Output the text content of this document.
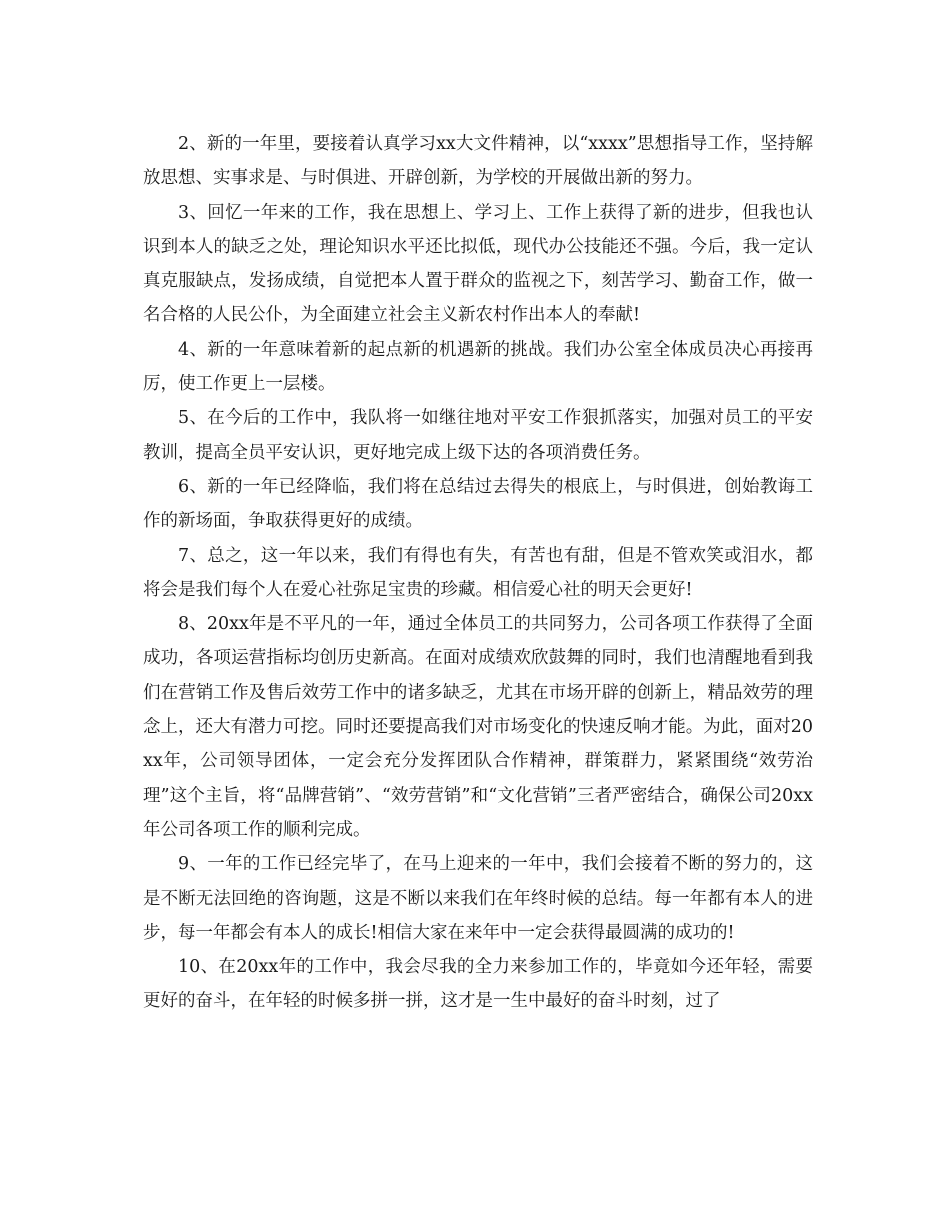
2、新的一年里，要接着认真学习xx大文件精神，以“xxxx”思想指导工作，坚持解放思想、实事求是、与时俱进、开辟创新，为学校的开展做出新的努力。

3、回忆一年来的工作，我在思想上、学习上、工作上获得了新的进步，但我也认识到本人的缺乏之处，理论知识水平还比拟低，现代办公技能还不强。今后，我一定认真克服缺点，发扬成绩，自觉把本人置于群众的监视之下，刻苦学习、勤奋工作，做一名合格的人民公仆，为全面建立社会主义新农村作出本人的奉献!

4、新的一年意味着新的起点新的机遇新的挑战。我们办公室全体成员决心再接再厉，使工作更上一层楼。

5、在今后的工作中，我队将一如继往地对平安工作狠抓落实，加强对员工的平安教训，提高全员平安认识，更好地完成上级下达的各项消费任务。

6、新的一年已经降临，我们将在总结过去得失的根底上，与时俱进，创始教诲工作的新场面，争取获得更好的成绩。

7、总之，这一年以来，我们有得也有失，有苦也有甜，但是不管欢笑或泪水，都将会是我们每个人在爱心社弥足宝贵的珍藏。相信爱心社的明天会更好!

8、20xx年是不平凡的一年，通过全体员工的共同努力，公司各项工作获得了全面成功，各项运营指标均创历史新高。在面对成绩欢欣鼓舞的同时，我们也清醒地看到我们在营销工作及售后效劳工作中的诸多缺乏，尤其在市场开辟的创新上，精品效劳的理念上，还大有潜力可挖。同时还要提高我们对市场变化的快速反响才能。为此，面对20xx年，公司领导团体，一定会充分发挥团队合作精神，群策群力，紧紧围绕“效劳治理”这个主旨，将“品牌营销”、“效劳营销”和“文化营销”三者严密结合，确保公司20xx年公司各项工作的顺利完成。

9、一年的工作已经完毕了，在马上迎来的一年中，我们会接着不断的努力的，这是不断无法回绝的咨询题，这是不断以来我们在年终时候的总结。每一年都有本人的进步，每一年都会有本人的成长!相信大家在来年中一定会获得最圆满的成功的!

10、在20xx年的工作中，我会尽我的全力来参加工作的，毕竟如今还年轻，需要更好的奋斗，在年轻的时候多拼一拼，这才是一生中最好的奋斗时刻，过了
